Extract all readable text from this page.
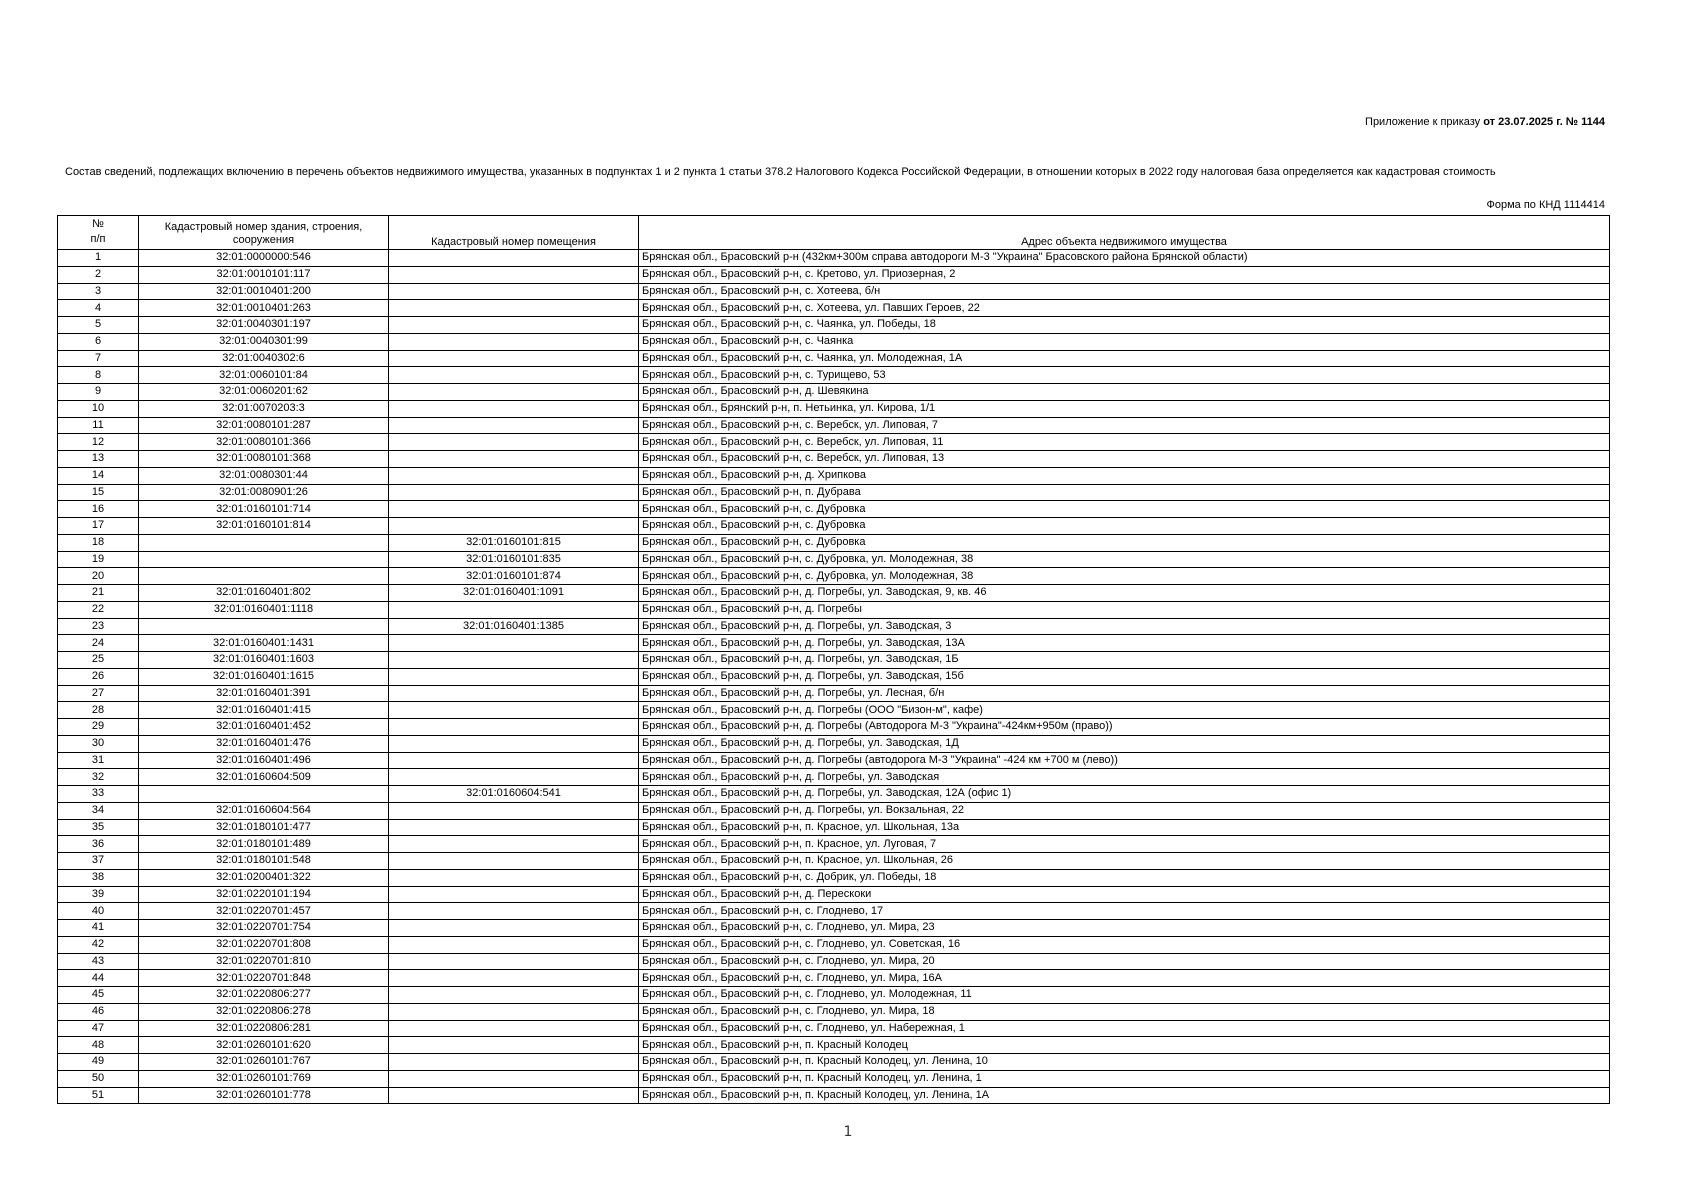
Приложение к приказу от 23.07.2025 г. № 1144
Состав сведений, подлежащих включению в перечень объектов недвижимого имущества, указанных в подпунктах 1 и 2 пункта 1 статьи 378.2 Налогового Кодекса Российской Федерации, в отношении которых в 2022 году налоговая база определяется как кадастровая стоимость
Форма по КНД 1114414
№
п/п	Кадастровый номер здания, строения,
сооружения	Кадастровый номер помещения	Адрес объекта недвижимого имущества
1	32:01:0000000:546		Брянская обл., Брасовский р-н (432км+300м справа автодороги М-3 "Украина" Брасовского района Брянской области)
2	32:01:0010101:117		Брянская обл., Брасовский р-н, с. Кретово, ул. Приозерная, 2
3	32:01:0010401:200		Брянская обл., Брасовский р-н, с. Хотеева, б/н
4	32:01:0010401:263		Брянская обл., Брасовский р-н, с. Хотеева, ул. Павших Героев, 22
5	32:01:0040301:197		Брянская обл., Брасовский р-н, с. Чаянка, ул. Победы, 18
6	32:01:0040301:99		Брянская обл., Брасовский р-н, с. Чаянка
7	32:01:0040302:6		Брянская обл., Брасовский р-н, с. Чаянка, ул. Молодежная, 1А
8	32:01:0060101:84		Брянская обл., Брасовский р-н, с. Турищево, 53
9	32:01:0060201:62		Брянская обл., Брасовский р-н, д. Шевякина
10	32:01:0070203:3		Брянская обл., Брянский р-н, п. Нетьинка, ул. Кирова, 1/1
11	32:01:0080101:287		Брянская обл., Брасовский р-н, с. Веребск, ул. Липовая, 7
12	32:01:0080101:366		Брянская обл., Брасовский р-н, с. Веребск, ул. Липовая, 11
13	32:01:0080101:368		Брянская обл., Брасовский р-н, с. Веребск, ул. Липовая, 13
14	32:01:0080301:44		Брянская обл., Брасовский р-н, д. Хрипкова
15	32:01:0080901:26		Брянская обл., Брасовский р-н, п. Дубрава
16	32:01:0160101:714		Брянская обл., Брасовский р-н, с. Дубровка
17	32:01:0160101:814		Брянская обл., Брасовский р-н, с. Дубровка
18		32:01:0160101:815	Брянская обл., Брасовский р-н, с. Дубровка
19		32:01:0160101:835	Брянская обл., Брасовский р-н, с. Дубровка, ул. Молодежная, 38
20		32:01:0160101:874	Брянская обл., Брасовский р-н, с. Дубровка, ул. Молодежная, 38
21	32:01:0160401:802	32:01:0160401:1091	Брянская обл., Брасовский р-н, д. Погребы, ул. Заводская, 9, кв. 46
22	32:01:0160401:1118		Брянская обл., Брасовский р-н, д. Погребы
23		32:01:0160401:1385	Брянская обл., Брасовский р-н, д. Погребы, ул. Заводская, 3
24	32:01:0160401:1431		Брянская обл., Брасовский р-н, д. Погребы, ул. Заводская, 13А
25	32:01:0160401:1603		Брянская обл., Брасовский р-н, д. Погребы, ул. Заводская, 1Б
26	32:01:0160401:1615		Брянская обл., Брасовский р-н, д. Погребы, ул. Заводская, 15б
27	32:01:0160401:391		Брянская обл., Брасовский р-н, д. Погребы, ул. Лесная, б/н
28	32:01:0160401:415		Брянская обл., Брасовский р-н, д. Погребы (ООО "Бизон-м", кафе)
29	32:01:0160401:452		Брянская обл., Брасовский р-н, д. Погребы (Автодорога М-3 "Украина"-424км+950м (право))
30	32:01:0160401:476		Брянская обл., Брасовский р-н, д. Погребы, ул. Заводская, 1Д
31	32:01:0160401:496		Брянская обл., Брасовский р-н, д. Погребы (автодорога М-3 "Украина" -424 км +700 м (лево))
32	32:01:0160604:509		Брянская обл., Брасовский р-н, д. Погребы, ул. Заводская
33		32:01:0160604:541	Брянская обл., Брасовский р-н, д. Погребы, ул. Заводская, 12А (офис 1)
34	32:01:0160604:564		Брянская обл., Брасовский р-н, д. Погребы, ул. Вокзальная, 22
35	32:01:0180101:477		Брянская обл., Брасовский р-н, п. Красное, ул. Школьная, 13а
36	32:01:0180101:489		Брянская обл., Брасовский р-н, п. Красное, ул. Луговая, 7
37	32:01:0180101:548		Брянская обл., Брасовский р-н, п. Красное, ул. Школьная, 26
38	32:01:0200401:322		Брянская обл., Брасовский р-н, с. Добрик, ул. Победы, 18
39	32:01:0220101:194		Брянская обл., Брасовский р-н, д. Перескоки
40	32:01:0220701:457		Брянская обл., Брасовский р-н, с. Глоднево, 17
41	32:01:0220701:754		Брянская обл., Брасовский р-н, с. Глоднево, ул. Мира, 23
42	32:01:0220701:808		Брянская обл., Брасовский р-н, с. Глоднево, ул. Советская, 16
43	32:01:0220701:810		Брянская обл., Брасовский р-н, с. Глоднево, ул. Мира, 20
44	32:01:0220701:848		Брянская обл., Брасовский р-н, с. Глоднево, ул. Мира, 16А
45	32:01:0220806:277		Брянская обл., Брасовский р-н, с. Глоднево, ул. Молодежная, 11
46	32:01:0220806:278		Брянская обл., Брасовский р-н, с. Глоднево, ул. Мира, 18
47	32:01:0220806:281		Брянская обл., Брасовский р-н, с. Глоднево, ул. Набережная, 1
48	32:01:0260101:620		Брянская обл., Брасовский р-н, п. Красный Колодец
49	32:01:0260101:767		Брянская обл., Брасовский р-н, п. Красный Колодец, ул. Ленина, 10
50	32:01:0260101:769		Брянская обл., Брасовский р-н, п. Красный Колодец, ул. Ленина, 1
51	32:01:0260101:778		Брянская обл., Брасовский р-н, п. Красный Колодец, ул. Ленина, 1А
1
